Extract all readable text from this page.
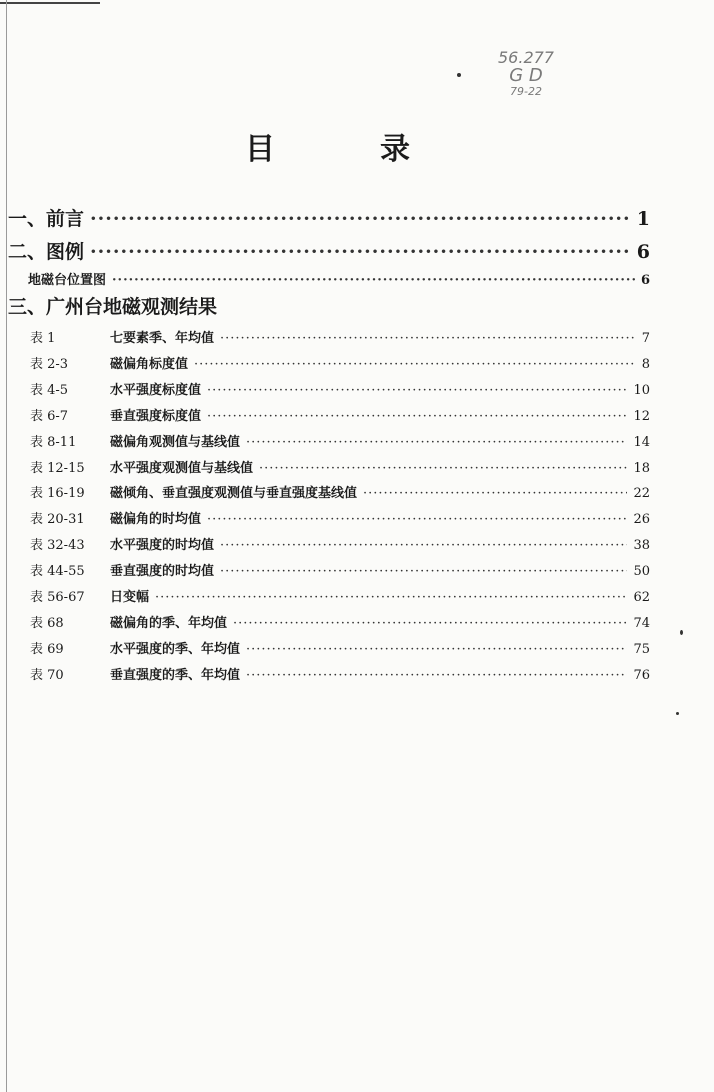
56.277
G D
79-22
目	录
一、前言 ·····	1
二、图例 ·····	6
地磁台位置图 ·····	6
三、广州台地磁观测结果
表 1	七要素季、年均值 ·····	7
表 2-3	磁偏角标度值 ·····	8
表 4-5	水平强度标度值 ·····	10
表 6-7	垂直强度标度值 ·····	12
表 8-11	磁偏角观测值与基线值 ·····	14
表 12-15	水平强度观测值与基线值 ·····	18
表 16-19	磁倾角、垂直强度观测值与垂直强度基线值 ·····	22
表 20-31	磁偏角的时均值 ·····	26
表 32-43	水平强度的时均值 ·····	38
表 44-55	垂直强度的时均值 ·····	50
表 56-67	日变幅 ·····	62
表 68	磁偏角的季、年均值 ·····	74
表 69	水平强度的季、年均值 ·····	75
表 70	垂直强度的季、年均值 ·····	76
